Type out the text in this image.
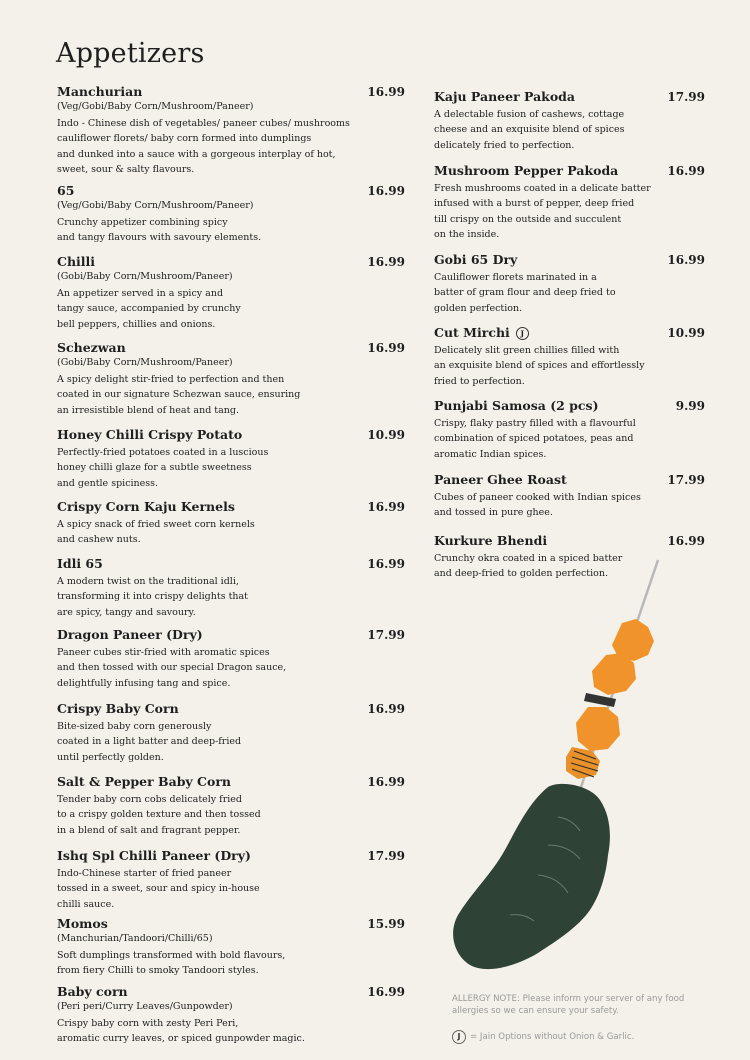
Appetizers
Manchurian
(Veg/Gobi/Baby Corn/Mushroom/Paneer)
Indo - Chinese dish of vegetables/ paneer cubes/ mushrooms
cauliflower florets/ baby corn formed into dumplings
and dunked into a sauce with a gorgeous interplay of hot,
sweet, sour & salty flavours.
16.99
65
(Veg/Gobi/Baby Corn/Mushroom/Paneer)
Crunchy appetizer combining spicy
and tangy flavours with savoury elements.
16.99
Chilli
(Gobi/Baby Corn/Mushroom/Paneer)
An appetizer served in a spicy and
tangy sauce, accompanied by crunchy
bell peppers, chillies and onions.
16.99
Schezwan
(Gobi/Baby Corn/Mushroom/Paneer)
A spicy delight stir-fried to perfection and then
coated in our signature Schezwan sauce, ensuring
an irresistible blend of heat and tang.
16.99
Honey Chilli Crispy Potato
Perfectly-fried potatoes coated in a luscious
honey chilli glaze for a subtle sweetness
and gentle spiciness.
10.99
Crispy Corn Kaju Kernels
A spicy snack of fried sweet corn kernels
and cashew nuts.
16.99
Idli 65
A modern twist on the traditional idli,
transforming it into crispy delights that
are spicy, tangy and savoury.
16.99
Dragon Paneer (Dry)
Paneer cubes stir-fried with aromatic spices
and then tossed with our special Dragon sauce,
delightfully infusing tang and spice.
17.99
Crispy Baby Corn
Bite-sized baby corn generously
coated in a light batter and deep-fried
until perfectly golden.
16.99
Salt & Pepper Baby Corn
Tender baby corn cobs delicately fried
to a crispy golden texture and then tossed
in a blend of salt and fragrant pepper.
16.99
Ishq Spl Chilli Paneer (Dry)
Indo-Chinese starter of fried paneer
tossed in a sweet, sour and spicy in-house
chilli sauce.
17.99
Momos
(Manchurian/Tandoori/Chilli/65)
Soft dumplings transformed with bold flavours,
from fiery Chilli to smoky Tandoori styles.
15.99
Baby corn
(Peri peri/Curry Leaves/Gunpowder)
Crispy baby corn with zesty Peri Peri,
aromatic curry leaves, or spiced gunpowder magic.
16.99
Kaju Paneer Pakoda
A delectable fusion of cashews, cottage
cheese and an exquisite blend of spices
delicately fried to perfection.
17.99
Mushroom Pepper Pakoda
Fresh mushrooms coated in a delicate batter
infused with a burst of pepper, deep fried
till crispy on the outside and succulent
on the inside.
16.99
Gobi 65 Dry
Cauliflower florets marinated in a
batter of gram flour and deep fried to
golden perfection.
16.99
Cut Mirchi J
Delicately slit green chillies filled with
an exquisite blend of spices and effortlessly
fried to perfection.
10.99
Punjabi Samosa (2 pcs)
Crispy, flaky pastry filled with a flavourful
combination of spiced potatoes, peas and
aromatic Indian spices.
9.99
Paneer Ghee Roast
Cubes of paneer cooked with Indian spices
and tossed in pure ghee.
17.99
Kurkure Bhendi
Crunchy okra coated in a spiced batter
and deep-fried to golden perfection.
16.99
ALLERGY NOTE: Please inform your server of any food
allergies so we can ensure your safety.
J	= Jain Options without Onion & Garlic.
